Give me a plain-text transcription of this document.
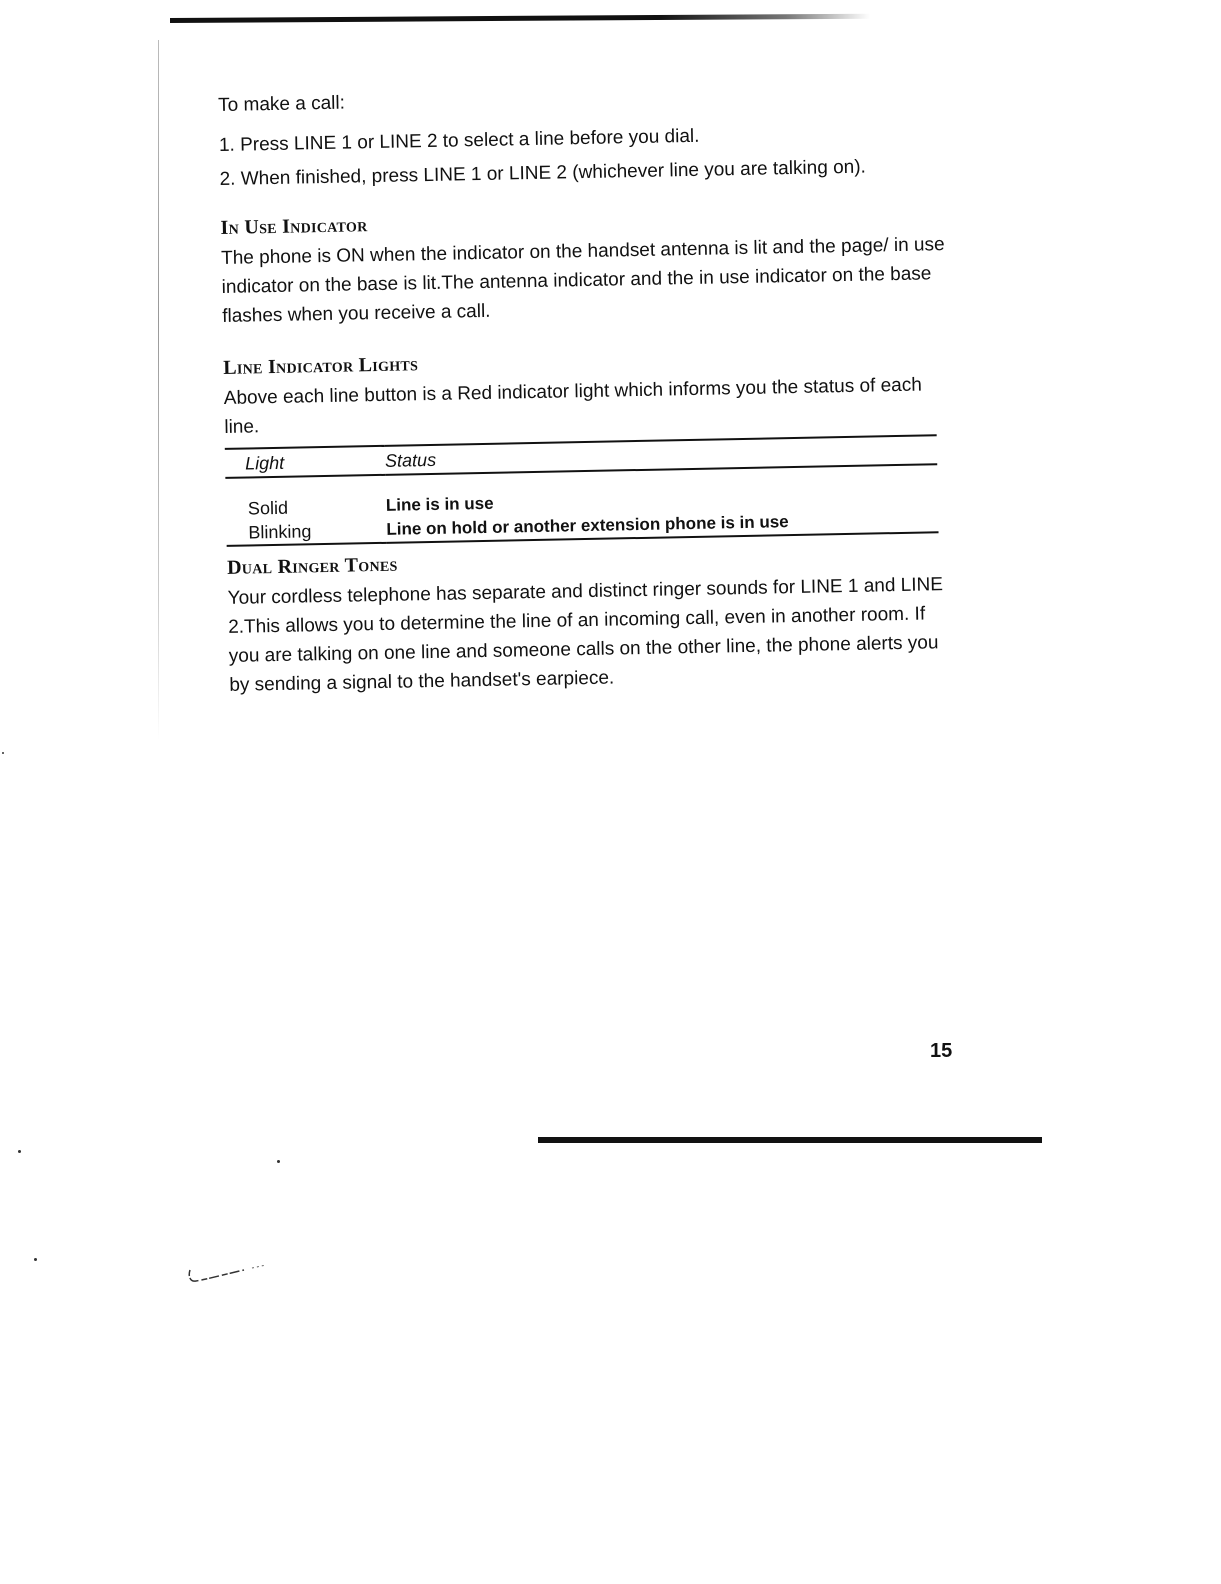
To make a call:

1. Press LINE 1 or LINE 2 to select a line before you dial.
2. When finished, press LINE 1 or LINE 2 (whichever line you are talking on).
In Use Indicator

The phone is ON when the indicator on the handset antenna is lit and the page/ in use indicator on the base is lit.The antenna indicator and the in use indicator on the base flashes when you receive a call.

Line Indicator Lights

Above each line button is a Red indicator light which informs you the status of each line.

Light	Status
Solid	Line is in use
Blinking	Line on hold or another extension phone is in use
Dual Ringer Tones

Your cordless telephone has separate and distinct ringer sounds for LINE 1 and LINE 2.This allows you to determine the line of an incoming call, even in another room. If you are talking on one line and someone calls on the other line, the phone alerts you by sending a signal to the handset's earpiece.

15
